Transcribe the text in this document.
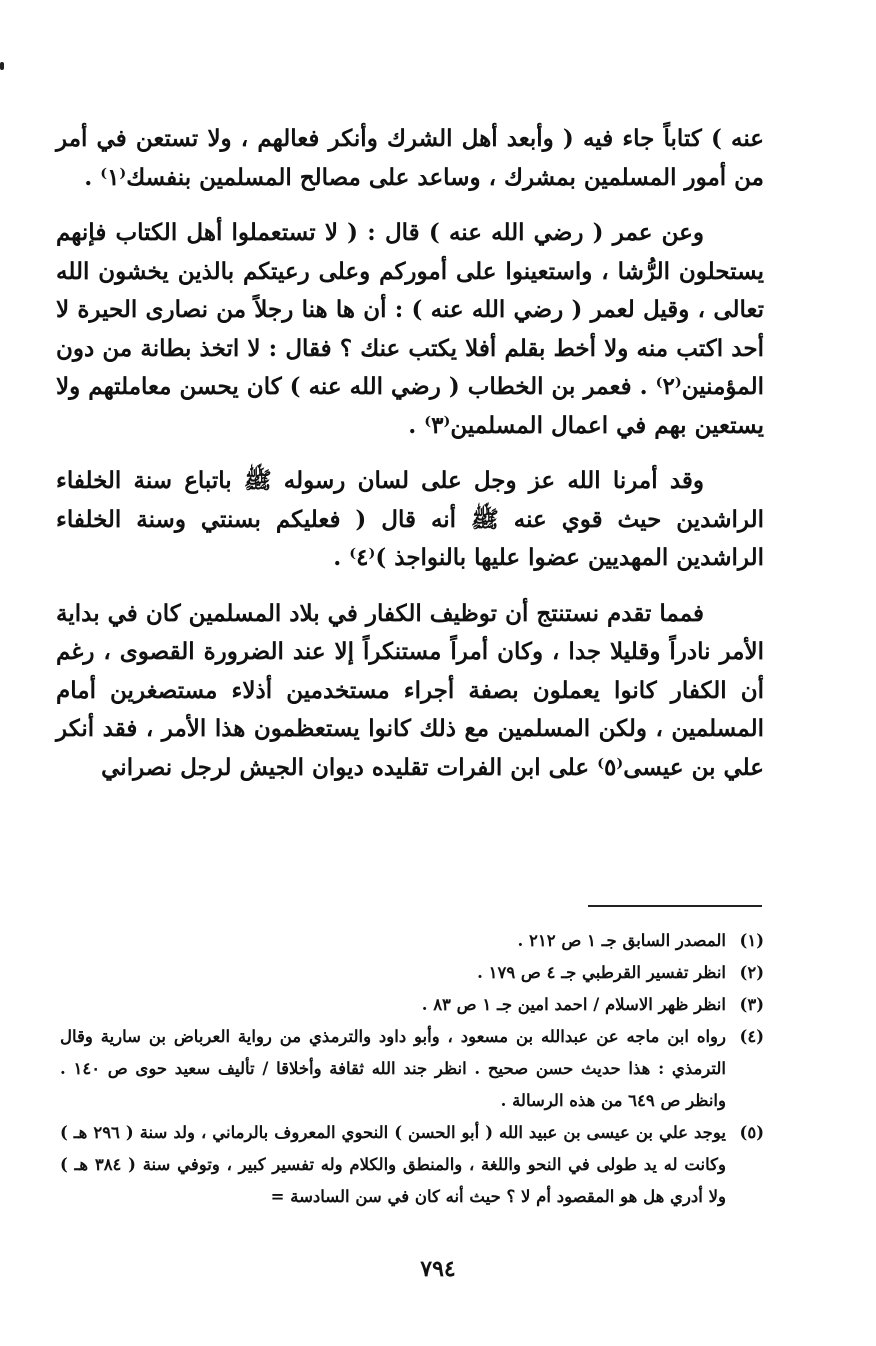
عنه ) كتاباً جاء فيه ( وأبعد أهل الشرك وأنكر فعالهم ، ولا تستعن في أمر من أمور المسلمين بمشرك ، وساعد على مصالح المسلمين بنفسك⁽١⁾ .

وعن عمر ( رضي الله عنه ) قال : ( لا تستعملوا أهل الكتاب فإنهم يستحلون الرُّشا ، واستعينوا على أموركم وعلى رعيتكم بالذين يخشون الله تعالى ، وقيل لعمر ( رضي الله عنه ) : أن ها هنا رجلاً من نصارى الحيرة لا أحد اكتب منه ولا أخط بقلم أفلا يكتب عنك ؟ فقال : لا اتخذ بطانة من دون المؤمنين⁽٢⁾ . فعمر بن الخطاب ( رضي الله عنه ) كان يحسن معاملتهم ولا يستعين بهم في اعمال المسلمين⁽٣⁾ .

وقد أمرنا الله عز وجل على لسان رسوله ﷺ باتباع سنة الخلفاء الراشدين حيث قوي عنه ﷺ أنه قال ( فعليكم بسنتي وسنة الخلفاء الراشدين المهديين عضوا عليها بالنواجذ )⁽٤⁾ .

فمما تقدم نستنتج أن توظيف الكفار في بلاد المسلمين كان في بداية الأمر نادراً وقليلا جدا ، وكان أمراً مستنكراً إلا عند الضرورة القصوى ، رغم أن الكفار كانوا يعملون بصفة أجراء مستخدمين أذلاء مستصغرين أمام المسلمين ، ولكن المسلمين مع ذلك كانوا يستعظمون هذا الأمر ، فقد أنكر علي بن عيسى⁽٥⁾ على ابن الفرات تقليده ديوان الجيش لرجل نصراني

(١)
المصدر السابق جـ ١ ص ٢١٢ .
(٢)
انظر تفسير القرطبي جـ ٤ ص ١٧٩ .
(٣)
انظر ظهر الاسلام / احمد امين جـ ١ ص ٨٣ .
(٤)
رواه ابن ماجه عن عبدالله بن مسعود ، وأبو داود والترمذي من رواية العرباض بن سارية وقال الترمذي : هذا حديث حسن صحيح . انظر جند الله ثقافة وأخلاقا / تأليف سعيد حوى ص ١٤٠ . وانظر ص ٦٤٩ من هذه الرسالة .
(٥)
يوجد علي بن عيسى بن عبيد الله ( أبو الحسن ) النحوي المعروف بالرماني ، ولد سنة ( ٢٩٦ هـ ) وكانت له يد طولى في النحو واللغة ، والمنطق والكلام وله تفسير كبير ، وتوفي سنة ( ٣٨٤ هـ ) ولا أدري هل هو المقصود أم لا ؟ حيث أنه كان في سن السادسة =
٧٩٤
